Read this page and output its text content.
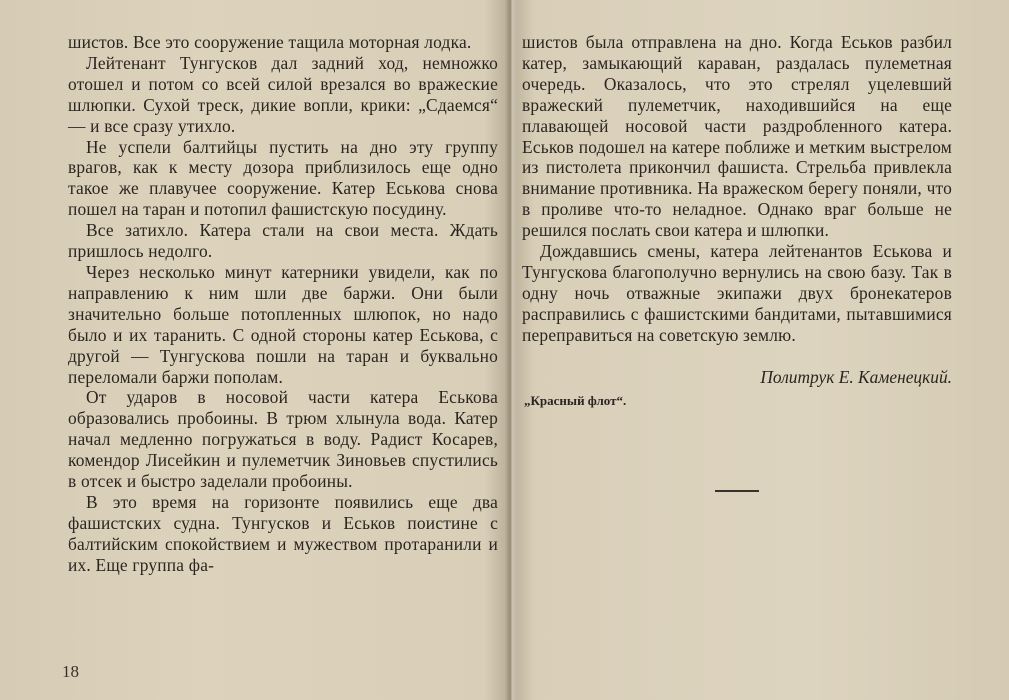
шистов. Все это сооружение тащила моторная лодка.

Лейтенант Тунгусков дал задний ход, немножко отошел и потом со всей силой врезался во вражеские шлюпки. Сухой треск, дикие вопли, крики: „Сдаемся“ — и все сразу утихло.

Не успели балтийцы пустить на дно эту группу врагов, как к месту дозора приблизилось еще одно такое же плавучее сооружение. Катер Еськова снова пошел на таран и потопил фашистскую посудину.

Все затихло. Катера стали на свои места. Ждать пришлось недолго.

Через несколько минут катерники увидели, как по направлению к ним шли две баржи. Они были значительно больше потопленных шлюпок, но надо было и их таранить. С одной стороны катер Еськова, с другой — Тунгускова пошли на таран и буквально переломали баржи пополам.

От ударов в носовой части катера Еськова образовались пробоины. В трюм хлынула вода. Катер начал медленно погружаться в воду. Радист Косарев, комендор Лисейкин и пулеметчик Зиновьев спустились в отсек и быстро заделали пробоины.

В это время на горизонте появились еще два фашистских судна. Тунгусков и Еськов поистине с балтийским спокойствием и мужеством протаранили и их. Еще группа фа-

18

шистов была отправлена на дно. Когда Еськов разбил катер, замыкающий караван, раздалась пулеметная очередь. Оказалось, что это стрелял уцелевший вражеский пулеметчик, находившийся на еще плавающей носовой части раздробленного катера. Еськов подошел на катере поближе и метким выстрелом из пистолета прикончил фашиста. Стрельба привлекла внимание противника. На вражеском берегу поняли, что в проливе что-то неладное. Однако враг больше не решился послать свои катера и шлюпки.

Дождавшись смены, катера лейтенантов Еськова и Тунгускова благополучно вернулись на свою базу. Так в одну ночь отважные экипажи двух бронекатеров расправились с фашистскими бандитами, пытавшимися переправиться на советскую землю.

Политрук Е. Каменецкий.
„Красный флот“.
